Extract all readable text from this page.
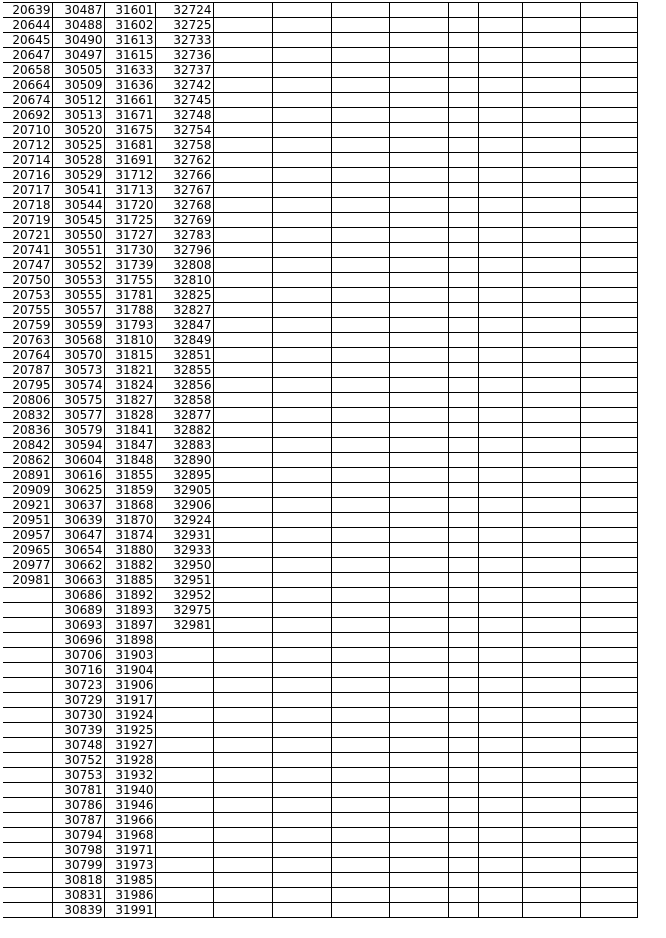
20639	30487	31601	32724								
20644	30488	31602	32725								
20645	30490	31613	32733								
20647	30497	31615	32736								
20658	30505	31633	32737								
20664	30509	31636	32742								
20674	30512	31661	32745								
20692	30513	31671	32748								
20710	30520	31675	32754								
20712	30525	31681	32758								
20714	30528	31691	32762								
20716	30529	31712	32766								
20717	30541	31713	32767								
20718	30544	31720	32768								
20719	30545	31725	32769								
20721	30550	31727	32783								
20741	30551	31730	32796								
20747	30552	31739	32808								
20750	30553	31755	32810								
20753	30555	31781	32825								
20755	30557	31788	32827								
20759	30559	31793	32847								
20763	30568	31810	32849								
20764	30570	31815	32851								
20787	30573	31821	32855								
20795	30574	31824	32856								
20806	30575	31827	32858								
20832	30577	31828	32877								
20836	30579	31841	32882								
20842	30594	31847	32883								
20862	30604	31848	32890								
20891	30616	31855	32895								
20909	30625	31859	32905								
20921	30637	31868	32906								
20951	30639	31870	32924								
20957	30647	31874	32931								
20965	30654	31880	32933								
20977	30662	31882	32950								
20981	30663	31885	32951								
	30686	31892	32952								
	30689	31893	32975								
	30693	31897	32981								
	30696	31898									
	30706	31903									
	30716	31904									
	30723	31906									
	30729	31917									
	30730	31924									
	30739	31925									
	30748	31927									
	30752	31928									
	30753	31932									
	30781	31940									
	30786	31946									
	30787	31966									
	30794	31968									
	30798	31971									
	30799	31973									
	30818	31985									
	30831	31986									
	30839	31991									
